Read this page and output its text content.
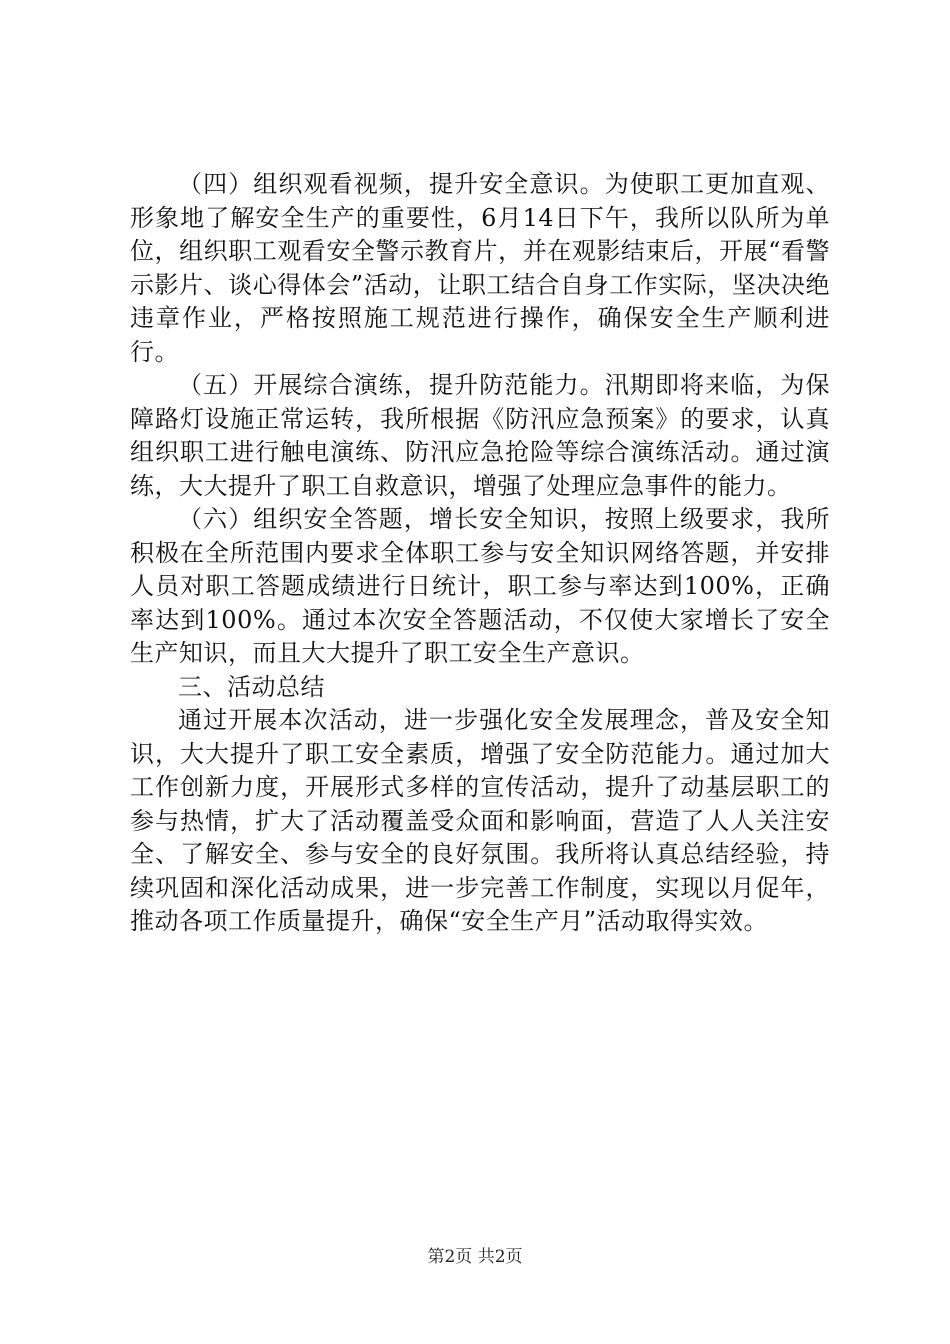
（四）组织观看视频，提升安全意识。为使职工更加直观、形象地了解安全生产的重要性，6月14日下午，我所以队所为单位，组织职工观看安全警示教育片，并在观影结束后，开展“看警示影片、谈心得体会”活动，让职工结合自身工作实际，坚决决绝违章作业，严格按照施工规范进行操作，确保安全生产顺利进行。

（五）开展综合演练，提升防范能力。汛期即将来临，为保障路灯设施正常运转，我所根据《防汛应急预案》的要求，认真组织职工进行触电演练、防汛应急抢险等综合演练活动。通过演练，大大提升了职工自救意识，增强了处理应急事件的能力。

（六）组织安全答题，增长安全知识，按照上级要求，我所积极在全所范围内要求全体职工参与安全知识网络答题，并安排人员对职工答题成绩进行日统计，职工参与率达到100%，正确率达到100%。通过本次安全答题活动，不仅使大家增长了安全生产知识，而且大大提升了职工安全生产意识。

三、活动总结

通过开展本次活动，进一步强化安全发展理念，普及安全知识，大大提升了职工安全素质，增强了安全防范能力。通过加大工作创新力度，开展形式多样的宣传活动，提升了动基层职工的参与热情，扩大了活动覆盖受众面和影响面，营造了人人关注安全、了解安全、参与安全的良好氛围。我所将认真总结经验，持续巩固和深化活动成果，进一步完善工作制度，实现以月促年，推动各项工作质量提升，确保“安全生产月”活动取得实效。

第2页 共2页
